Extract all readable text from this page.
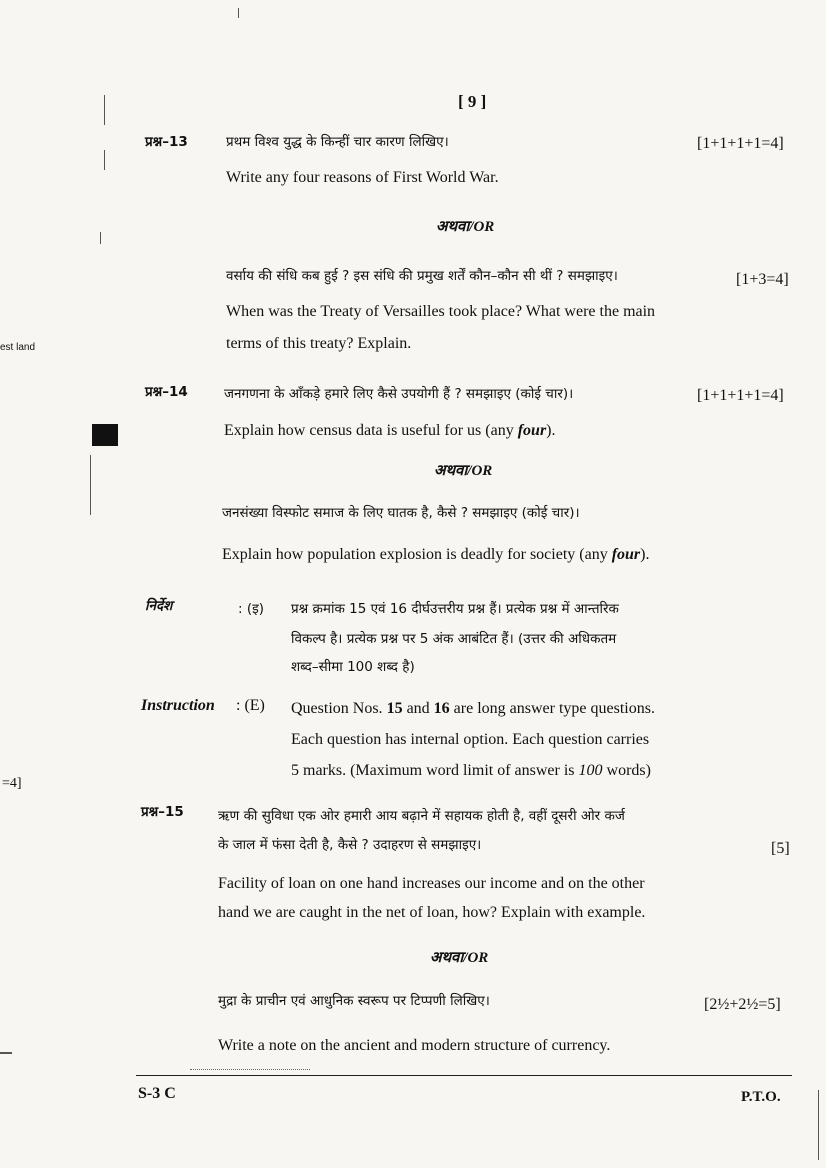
est land
=4]
[ 9 ]
प्रश्न–13	प्रथम विश्व युद्ध के किन्हीं चार कारण लिखिए।	[1+1+1+1=4]
Write any four reasons of First World War.
अथवा/OR
वर्साय की संधि कब हुई ? इस संधि की प्रमुख शर्तें कौन–कौन सी थीं ? समझाइए।	[1+3=4]
When was the Treaty of Versailles took place? What were the main
terms of this treaty? Explain.
प्रश्न–14	जनगणना के आँकड़े हमारे लिए कैसे उपयोगी हैं ? समझाइए (कोई चार)।	[1+1+1+1=4]
Explain how census data is useful for us (any four).
अथवा/OR
जनसंख्या विस्फोट समाज के लिए घातक है, कैसे ? समझाइए (कोई चार)।
Explain how population explosion is deadly for society (any four).
निर्देश	: (इ) प्रश्न क्रमांक 15 एवं 16 दीर्घउत्तरीय प्रश्न हैं। प्रत्येक प्रश्न में आन्तरिक
विकल्प है। प्रत्येक प्रश्न पर 5 अंक आबंटित हैं। (उत्तर की अधिकतम
शब्द–सीमा 100 शब्द है)
Instruction : (E) Question Nos. 15 and 16 are long answer type questions.
Each question has internal option. Each question carries
5 marks. (Maximum word limit of answer is 100 words)
प्रश्न–15	ऋण की सुविधा एक ओर हमारी आय बढ़ाने में सहायक होती है, वहीं दूसरी ओर कर्ज
के जाल में फंसा देती है, कैसे ? उदाहरण से समझाइए।	[5]
Facility of loan on one hand increases our income and on the other
hand we are caught in the net of loan, how? Explain with example.
अथवा/OR
मुद्रा के प्राचीन एवं आधुनिक स्वरूप पर टिप्पणी लिखिए।	[2½+2½=5]
Write a note on the ancient and modern structure of currency.
S-3 C	P.T.O.
